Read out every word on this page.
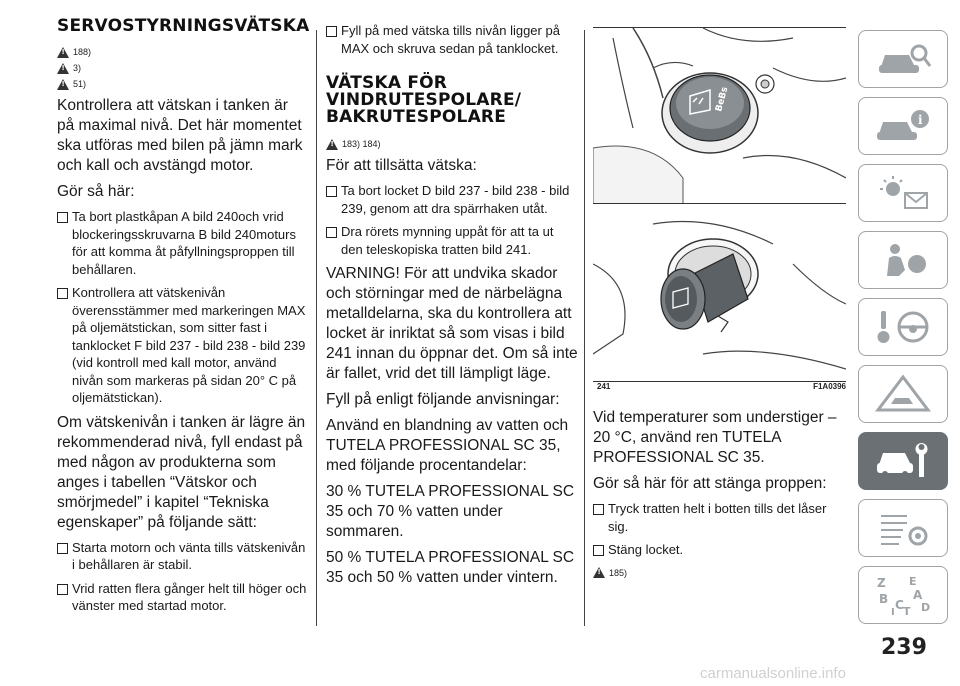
SERVOSTYRNINGSVÄTSKA
!
188)
!
3)
!
51)

Kontrollera att vätskan i tanken är på maximal nivå. Det här momentet ska utföras med bilen på jämn mark och kall och avstängd motor.

Gör så här:

Ta bort plastkåpan A bild 240och vrid blockeringsskruvarna B bild 240moturs för att komma åt påfyllningsproppen till behållaren.
Kontrollera att vätskenivån överensstämmer med markeringen MAX på oljemätstickan, som sitter fast i tanklocket F bild 237 - bild 238 - bild 239 (vid kontroll med kall motor, använd nivån som markeras på sidan 20° C på oljemätstickan).

Om vätskenivån i tanken är lägre än rekommenderad nivå, fyll endast på med någon av produkterna som anges i tabellen “Vätskor och smörjmedel” i kapitel “Tekniska egenskaper” på följande sätt:

Starta motorn och vänta tills vätskenivån i behållaren är stabil.
Vrid ratten flera gånger helt till höger och vänster med startad motor.
Fyll på med vätska tills nivån ligger på MAX och skruva sedan på tanklocket.
VÄTSKA FÖR
VINDRUTESPOLARE/
BAKRUTESPOLARE
!
183) 184)

För att tillsätta vätska:

Ta bort locket D bild 237 - bild 238 - bild 239, genom att dra spärrhaken utåt.
Dra rörets mynning uppåt för att ta ut den teleskopiska tratten bild 241.

VARNING! För att undvika skador och störningar med de närbelägna metalldelarna, ska du kontrollera att locket är inriktat så som visas i bild 241 innan du öppnar det. Om så inte är fallet, vrid det till lämpligt läge.

Fyll på enligt följande anvisningar:

Använd en blandning av vatten och TUTELA PROFESSIONAL SC 35, med följande procentandelar:

30 % TUTELA PROFESSIONAL SC 35 och 70 % vatten under sommaren.

50 % TUTELA PROFESSIONAL SC 35 och 50 % vatten under vintern.

BeBs
241	F1A0396

Vid temperaturer som understiger –20 °C, använd ren TUTELA PROFESSIONAL SC 35.

Gör så här för att stänga proppen:

Tryck tratten helt i botten tills det låser sig.
Stäng locket.
!
185)
i
Z E
A
B C T D
I
239
carmanualsonline.info
